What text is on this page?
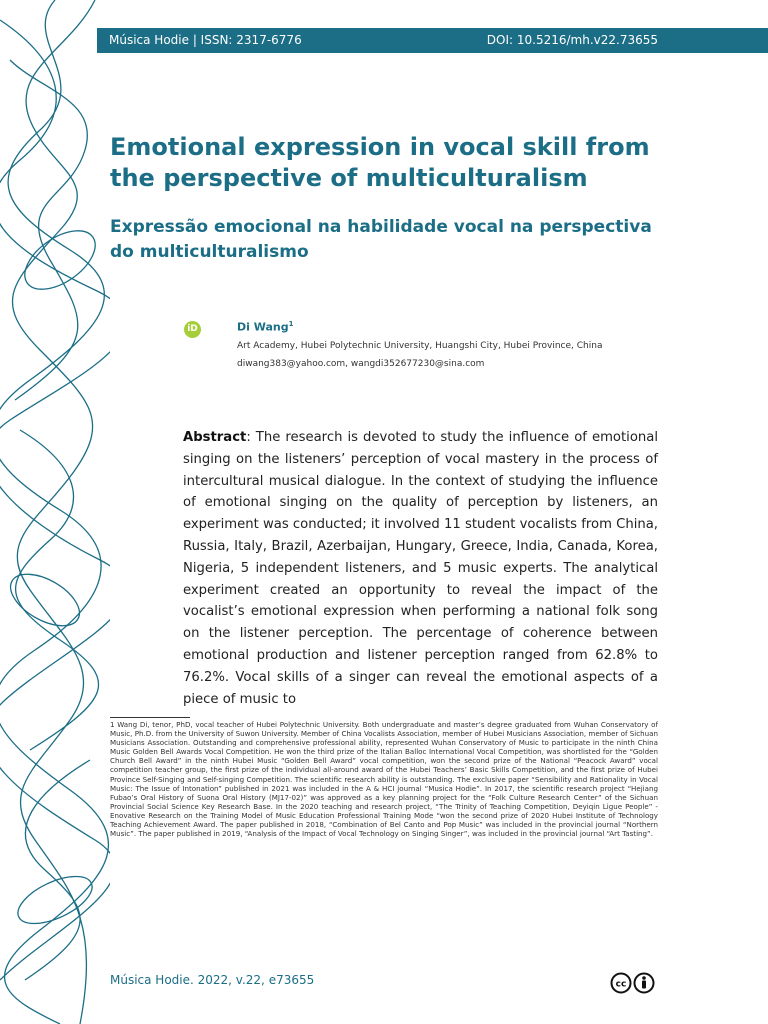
Música Hodie | ISSN: 2317-6776	DOI: 10.5216/mh.v22.73655
Emotional expression in vocal skill from the perspective of multiculturalism
Expressão emocional na habilidade vocal na perspectiva do multiculturalismo
iD	Di Wang$^1$
Art Academy, Hubei Polytechnic University, Huangshi City, Hubei Province, China
diwang383@yahoo.com, wangdi352677230@sina.com

Abstract: The research is devoted to study the influence of emotional singing on the listeners’ perception of vocal mastery in the process of intercultural musical dialogue. In the context of studying the influence of emotional singing on the quality of perception by listeners, an experiment was conducted; it involved 11 student vocalists from China, Russia, Italy, Brazil, Azerbaijan, Hungary, Greece, India, Canada, Korea, Nigeria, 5 independent listeners, and 5 music experts. The analytical experiment created an opportunity to reveal the impact of the vocalist’s emotional expression when performing a national folk song on the listener perception. The percentage of coherence between emotional production and listener perception ranged from 62.8% to 76.2%. Vocal skills of a singer can reveal the emotional aspects of a piece of music to

1 Wang Di, tenor, PhD, vocal teacher of Hubei Polytechnic University. Both undergraduate and master’s degree graduated from Wuhan Conservatory of Music, Ph.D. from the University of Suwon University. Member of China Vocalists Association, member of Hubei Musicians Association, member of Sichuan Musicians Association. Outstanding and comprehensive professional ability, represented Wuhan Conservatory of Music to participate in the ninth China Music Golden Bell Awards Vocal Competition. He won the third prize of the Italian Balloc International Vocal Competition, was shortlisted for the “Golden Church Bell Award” in the ninth Hubei Music “Golden Bell Award” vocal competition, won the second prize of the National “Peacock Award” vocal competition teacher group, the first prize of the individual all-around award of the Hubei Teachers’ Basic Skills Competition, and the first prize of Hubei Province Self-Singing and Self-singing Competition. The scientific research ability is outstanding. The exclusive paper “Sensibility and Rationality in Vocal Music: The Issue of Intonation” published in 2021 was included in the A & HCI journal “Musica Hodie”. In 2017, the scientific research project “Hejiang Fubao’s Oral History of Suona Oral History (MJ17-02)” was approved as a key planning project for the “Folk Culture Research Center” of the Sichuan Provincial Social Science Key Research Base. In the 2020 teaching and research project, “The Trinity of Teaching Competition, Deyiqin Ligue People” - Enovative Research on the Training Model of Music Education Professional Training Mode “won the second prize of 2020 Hubei Institute of Technology Teaching Achievement Award. The paper published in 2018, “Combination of Bel Canto and Pop Music” was included in the provincial journal “Northern Music”. The paper published in 2019, “Analysis of the Impact of Vocal Technology on Singing Singer”, was included in the provincial journal “Art Tasting”.

Música Hodie. 2022, v.22, e73655	cc
